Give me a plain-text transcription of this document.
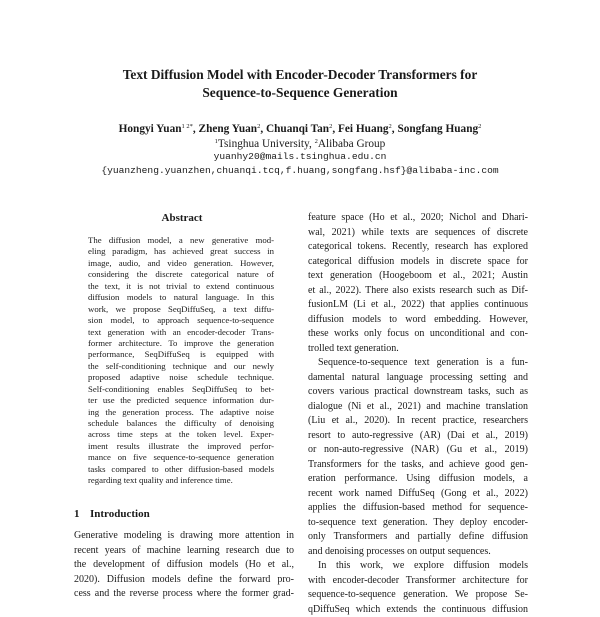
Text Diffusion Model with Encoder-Decoder Transformers for
Sequence-to-Sequence Generation
Hongyi Yuan$^{1 2*}$, Zheng Yuan$^2$, Chuanqi Tan$^2$, Fei Huang$^2$, Songfang Huang$^2$
$^1$Tsinghua University, $^2$Alibaba Group
yuanhy20@mails.tsinghua.edu.cn
{yuanzheng.yuanzhen,chuanqi.tcq,f.huang,songfang.hsf}@alibaba-inc.com
Abstract
The diffusion model, a new generative mod-
eling paradigm, has achieved great success in
image, audio, and video generation. However,
considering the discrete categorical nature of
the text, it is not trivial to extend continuous
diffusion models to natural language. In this
work, we propose SeqDiffuSeq, a text diffu-
sion model, to approach sequence-to-sequence
text generation with an encoder-decoder Trans-
former architecture. To improve the generation
performance, SeqDiffuSeq is equipped with
the self-conditioning technique and our newly
proposed adaptive noise schedule technique.
Self-conditioning enables SeqDiffuSeq to bet-
ter use the predicted sequence information dur-
ing the generation process. The adaptive noise
schedule balances the difficulty of denoising
across time steps at the token level. Exper-
iment results illustrate the improved perfor-
mance on five sequence-to-sequence generation
tasks compared to other diffusion-based models
regarding text quality and inference time.
1 Introduction
Generative modeling is drawing more attention in
recent years of machine learning research due to
the development of diffusion models (Ho et al.,
2020). Diffusion models define the forward pro-
cess and the reverse process where the former grad-
feature space (Ho et al., 2020; Nichol and Dhari-
wal, 2021) while texts are sequences of discrete
categorical tokens. Recently, research has explored
categorical diffusion models in discrete space for
text generation (Hoogeboom et al., 2021; Austin
et al., 2022). There also exists research such as Dif-
fusionLM (Li et al., 2022) that applies continuous
diffusion models to word embedding. However,
these works only focus on unconditional and con-
trolled text generation.
Sequence-to-sequence text generation is a fun-
damental natural language processing setting and
covers various practical downstream tasks, such as
dialogue (Ni et al., 2021) and machine translation
(Liu et al., 2020). In recent practice, researchers
resort to auto-regressive (AR) (Dai et al., 2019)
or non-auto-regressive (NAR) (Gu et al., 2019)
Transformers for the tasks, and achieve good gen-
eration performance. Using diffusion models, a
recent work named DiffuSeq (Gong et al., 2022)
applies the diffusion-based method for sequence-
to-sequence text generation. They deploy encoder-
only Transformers and partially define diffusion
and denoising processes on output sequences.
In this work, we explore diffusion models
with encoder-decoder Transformer architecture for
sequence-to-sequence generation. We propose Se-
qDiffuSeq which extends the continuous diffusion
